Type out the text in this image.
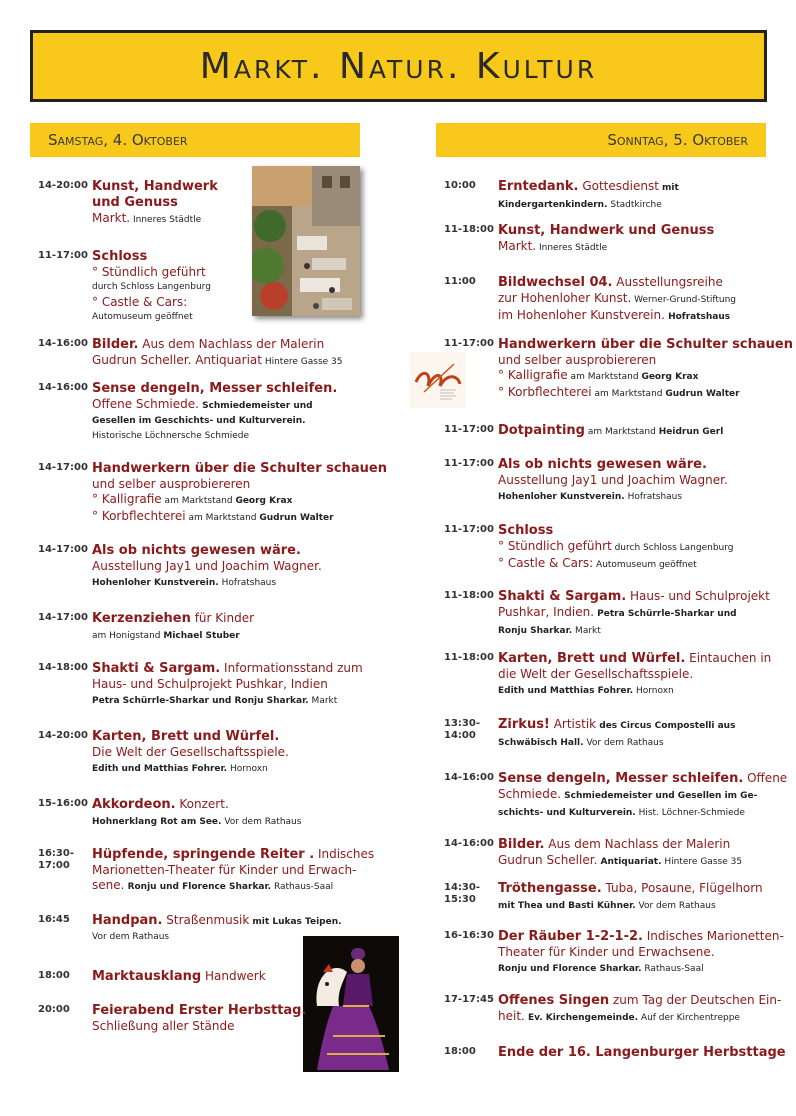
Markt. Natur. Kultur
Samstag, 4. Oktober	Sonntag, 5. Oktober
14-20:00 Kunst, Handwerk
und Genuss
Markt. Inneres Städtle
11-17:00 Schloss
° Stündlich geführt
durch Schloss Langenburg
° Castle & Cars:
Automuseum geöffnet
14-16:00 Bilder. Aus dem Nachlass der Malerin
Gudrun Scheller. Antiquariat Hintere Gasse 35
14-16:00 Sense dengeln, Messer schleifen.
Offene Schmiede. Schmiedemeister und
Gesellen im Geschichts- und Kulturverein.
Historische Löchnersche Schmiede
14-17:00 Handwerkern über die Schulter schauen
und selber ausprobiereren
° Kalligrafie am Marktstand Georg Krax
° Korbflechterei am Marktstand Gudrun Walter
14-17:00 Als ob nichts gewesen wäre.
Ausstellung Jay1 und Joachim Wagner.
Hohenloher Kunstverein. Hofratshaus
14-17:00 Kerzenziehen für Kinder
am Honigstand Michael Stuber
14-18:00 Shakti & Sargam. Informationsstand zum
Haus- und Schulprojekt Pushkar, Indien
Petra Schürrle-Sharkar und Ronju Sharkar. Markt
14-20:00 Karten, Brett und Würfel.
Die Welt der Gesellschaftsspiele.
Edith und Matthias Fohrer. Hornoxn
15-16:00 Akkordeon. Konzert.
Hohnerklang Rot am See. Vor dem Rathaus
16:30-
17:00
Hüpfende, springende Reiter . Indisches
Marionetten-Theater für Kinder und Erwach-
sene. Ronju und Florence Sharkar. Rathaus-Saal
16:45 Handpan. Straßenmusik mit Lukas Teipen.
Vor dem Rathaus
18:00 Marktausklang Handwerk
20:00 Feierabend Erster Herbsttag.
Schließung aller Stände
10:00 Erntedank. Gottesdienst mit
Kindergartenkindern. Stadtkirche
11-18:00 Kunst, Handwerk und Genuss
Markt. Inneres Städtle
11:00 Bildwechsel 04. Ausstellungsreihe
zur Hohenloher Kunst. Werner-Grund-Stiftung
im Hohenloher Kunstverein. Hofratshaus
11-17:00 Handwerkern über die Schulter schauen
und selber ausprobiereren
° Kalligrafie am Marktstand Georg Krax
° Korbflechterei am Marktstand Gudrun Walter
11-17:00 Dotpainting am Marktstand Heidrun Gerl
11-17:00 Als ob nichts gewesen wäre.
Ausstellung Jay1 und Joachim Wagner.
Hohenloher Kunstverein. Hofratshaus
11-17:00 Schloss
° Stündlich geführt durch Schloss Langenburg
° Castle & Cars: Automuseum geöffnet
11-18:00 Shakti & Sargam. Haus- und Schulprojekt
Pushkar, Indien. Petra Schürrle-Sharkar und
Ronju Sharkar. Markt
11-18:00 Karten, Brett und Würfel. Eintauchen in
die Welt der Gesellschaftsspiele.
Edith und Matthias Fohrer. Hornoxn
13:30-
14:00
Zirkus! Artistik des Circus Compostelli aus
Schwäbisch Hall. Vor dem Rathaus
14-16:00 Sense dengeln, Messer schleifen. Offene
Schmiede. Schmiedemeister und Gesellen im Ge-
schichts- und Kulturverein. Hist. Löchner-Schmiede
14-16:00 Bilder. Aus dem Nachlass der Malerin
Gudrun Scheller. Antiquariat. Hintere Gasse 35
14:30-
15:30
Tröthengasse. Tuba, Posaune, Flügelhorn
mit Thea und Basti Kühner. Vor dem Rathaus
16-16:30 Der Räuber 1-2-1-2. Indisches Marionetten-
Theater für Kinder und Erwachsene.
Ronju und Florence Sharkar. Rathaus-Saal
17-17:45 Offenes Singen zum Tag der Deutschen Ein-
heit. Ev. Kirchengemeinde. Auf der Kirchentreppe
18:00 Ende der 16. Langenburger Herbsttage
